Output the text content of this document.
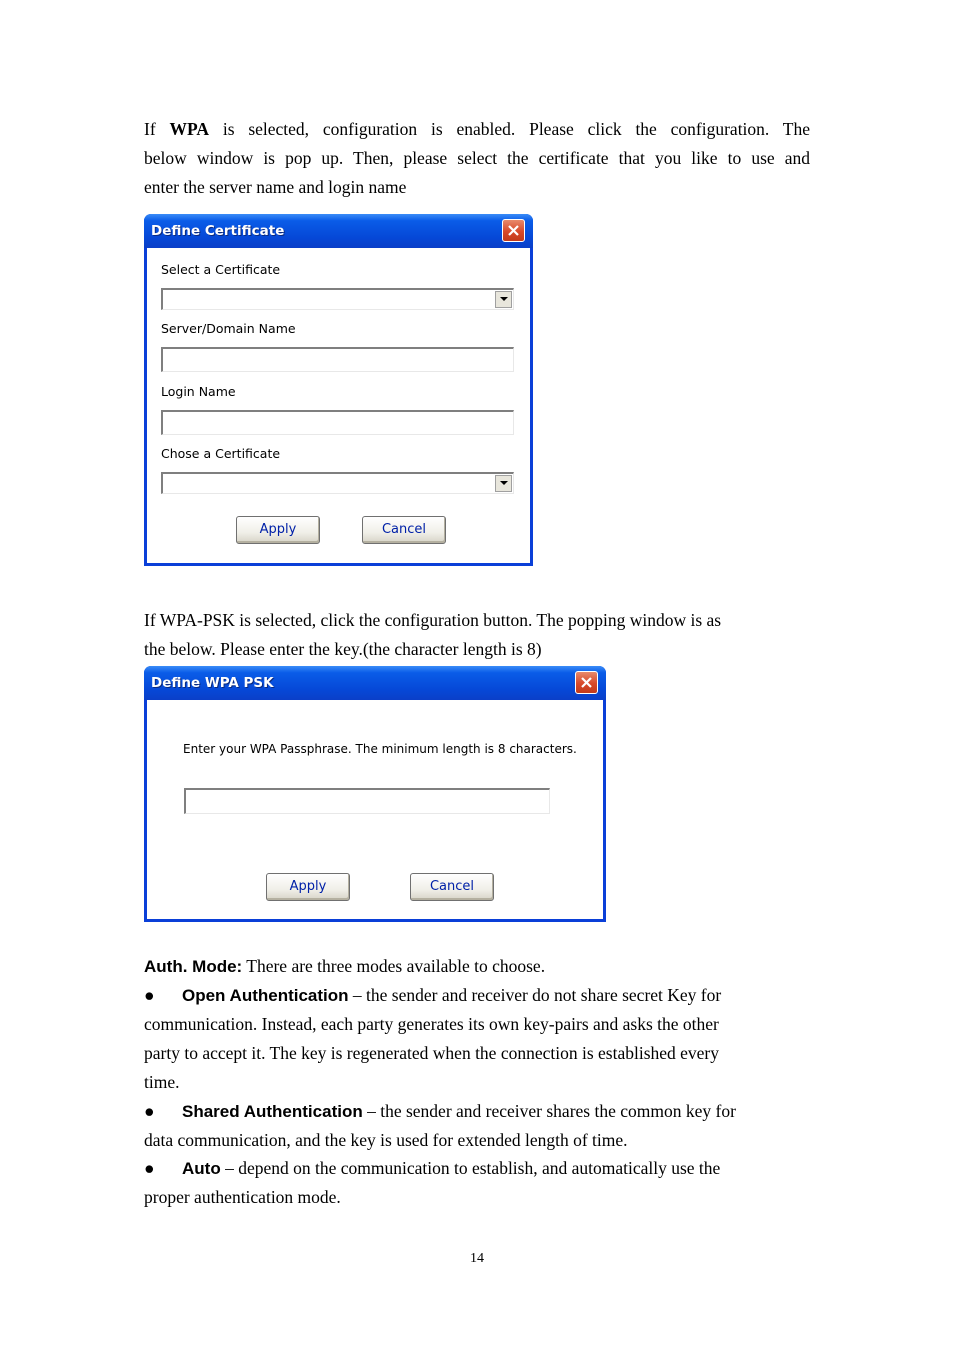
If WPA is selected, configuration is enabled. Please click the configuration. The
below window is pop up. Then, please select the certificate that you like to use and
enter the server name and login name
Define Certificate
Select a Certificate
Server/Domain Name
Login Name
Chose a Certificate
Apply	Cancel
If WPA-PSK is selected, click the configuration button. The popping window is as
the below. Please enter the key.(the character length is 8)
Define WPA PSK
Enter your WPA Passphrase. The minimum length is 8 characters.
Apply	Cancel
Auth. Mode: There are three modes available to choose.
● Open Authentication – the sender and receiver do not share secret Key for
communication. Instead, each party generates its own key-pairs and asks the other
party to accept it. The key is regenerated when the connection is established every
time.
● Shared Authentication – the sender and receiver shares the common key for
data communication, and the key is used for extended length of time.
● Auto – depend on the communication to establish, and automatically use the
proper authentication mode.
14
